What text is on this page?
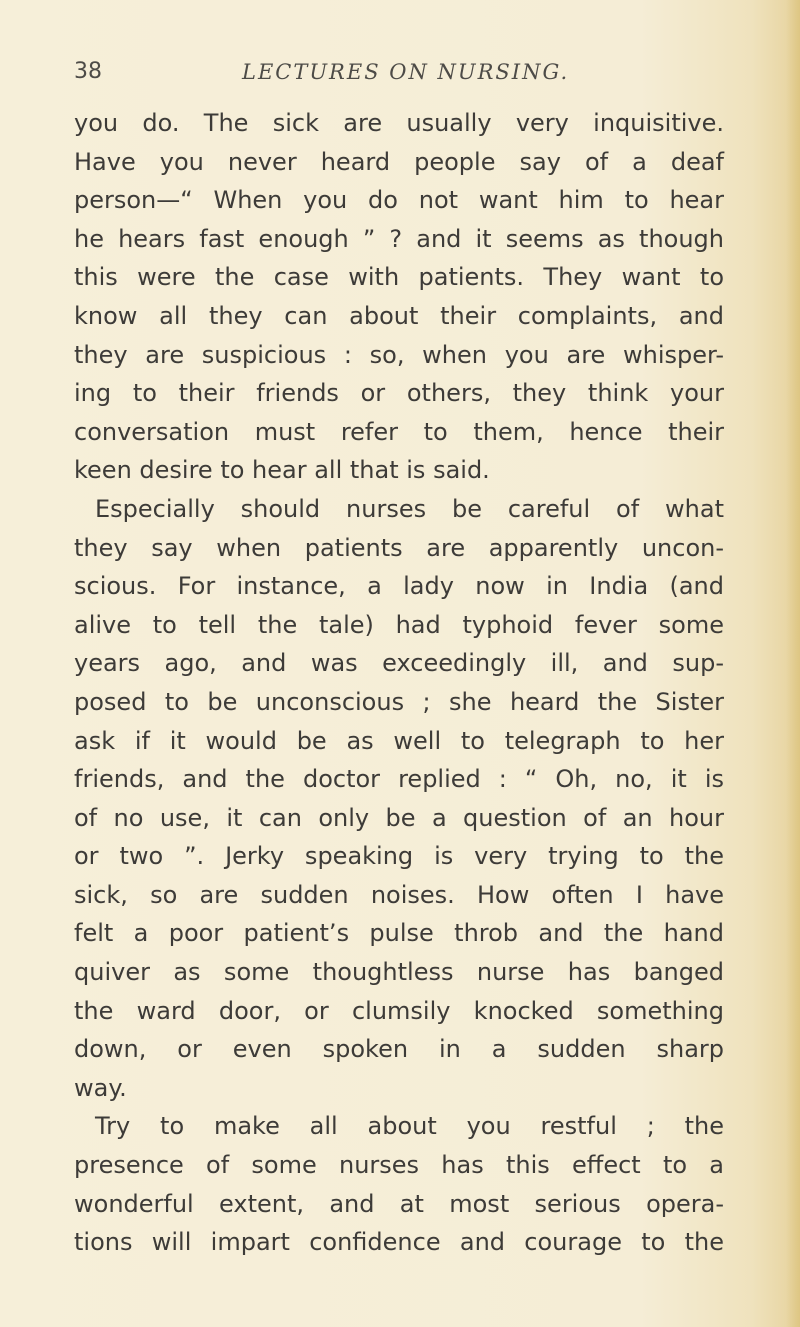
38	LECTURES ON NURSING.
you do. The sick are usually very inquisitive.
Have you never heard people say of a deaf
person—“ When you do not want him to hear
he hears fast enough ” ? and it seems as though
this were the case with patients. They want to
know all they can about their complaints, and
they are suspicious : so, when you are whisper-
ing to their friends or others, they think your
conversation must refer to them, hence their
keen desire to hear all that is said.
Especially should nurses be careful of what
they say when patients are apparently uncon-
scious. For instance, a lady now in India (and
alive to tell the tale) had typhoid fever some
years ago, and was exceedingly ill, and sup-
posed to be unconscious ; she heard the Sister
ask if it would be as well to telegraph to her
friends, and the doctor replied : “ Oh, no, it is
of no use, it can only be a question of an hour
or two ”. Jerky speaking is very trying to the
sick, so are sudden noises. How often I have
felt a poor patient’s pulse throb and the hand
quiver as some thoughtless nurse has banged
the ward door, or clumsily knocked something
down, or even spoken in a sudden sharp
way.
Try to make all about you restful ; the
presence of some nurses has this effect to a
wonderful extent, and at most serious opera-
tions will impart confidence and courage to the
